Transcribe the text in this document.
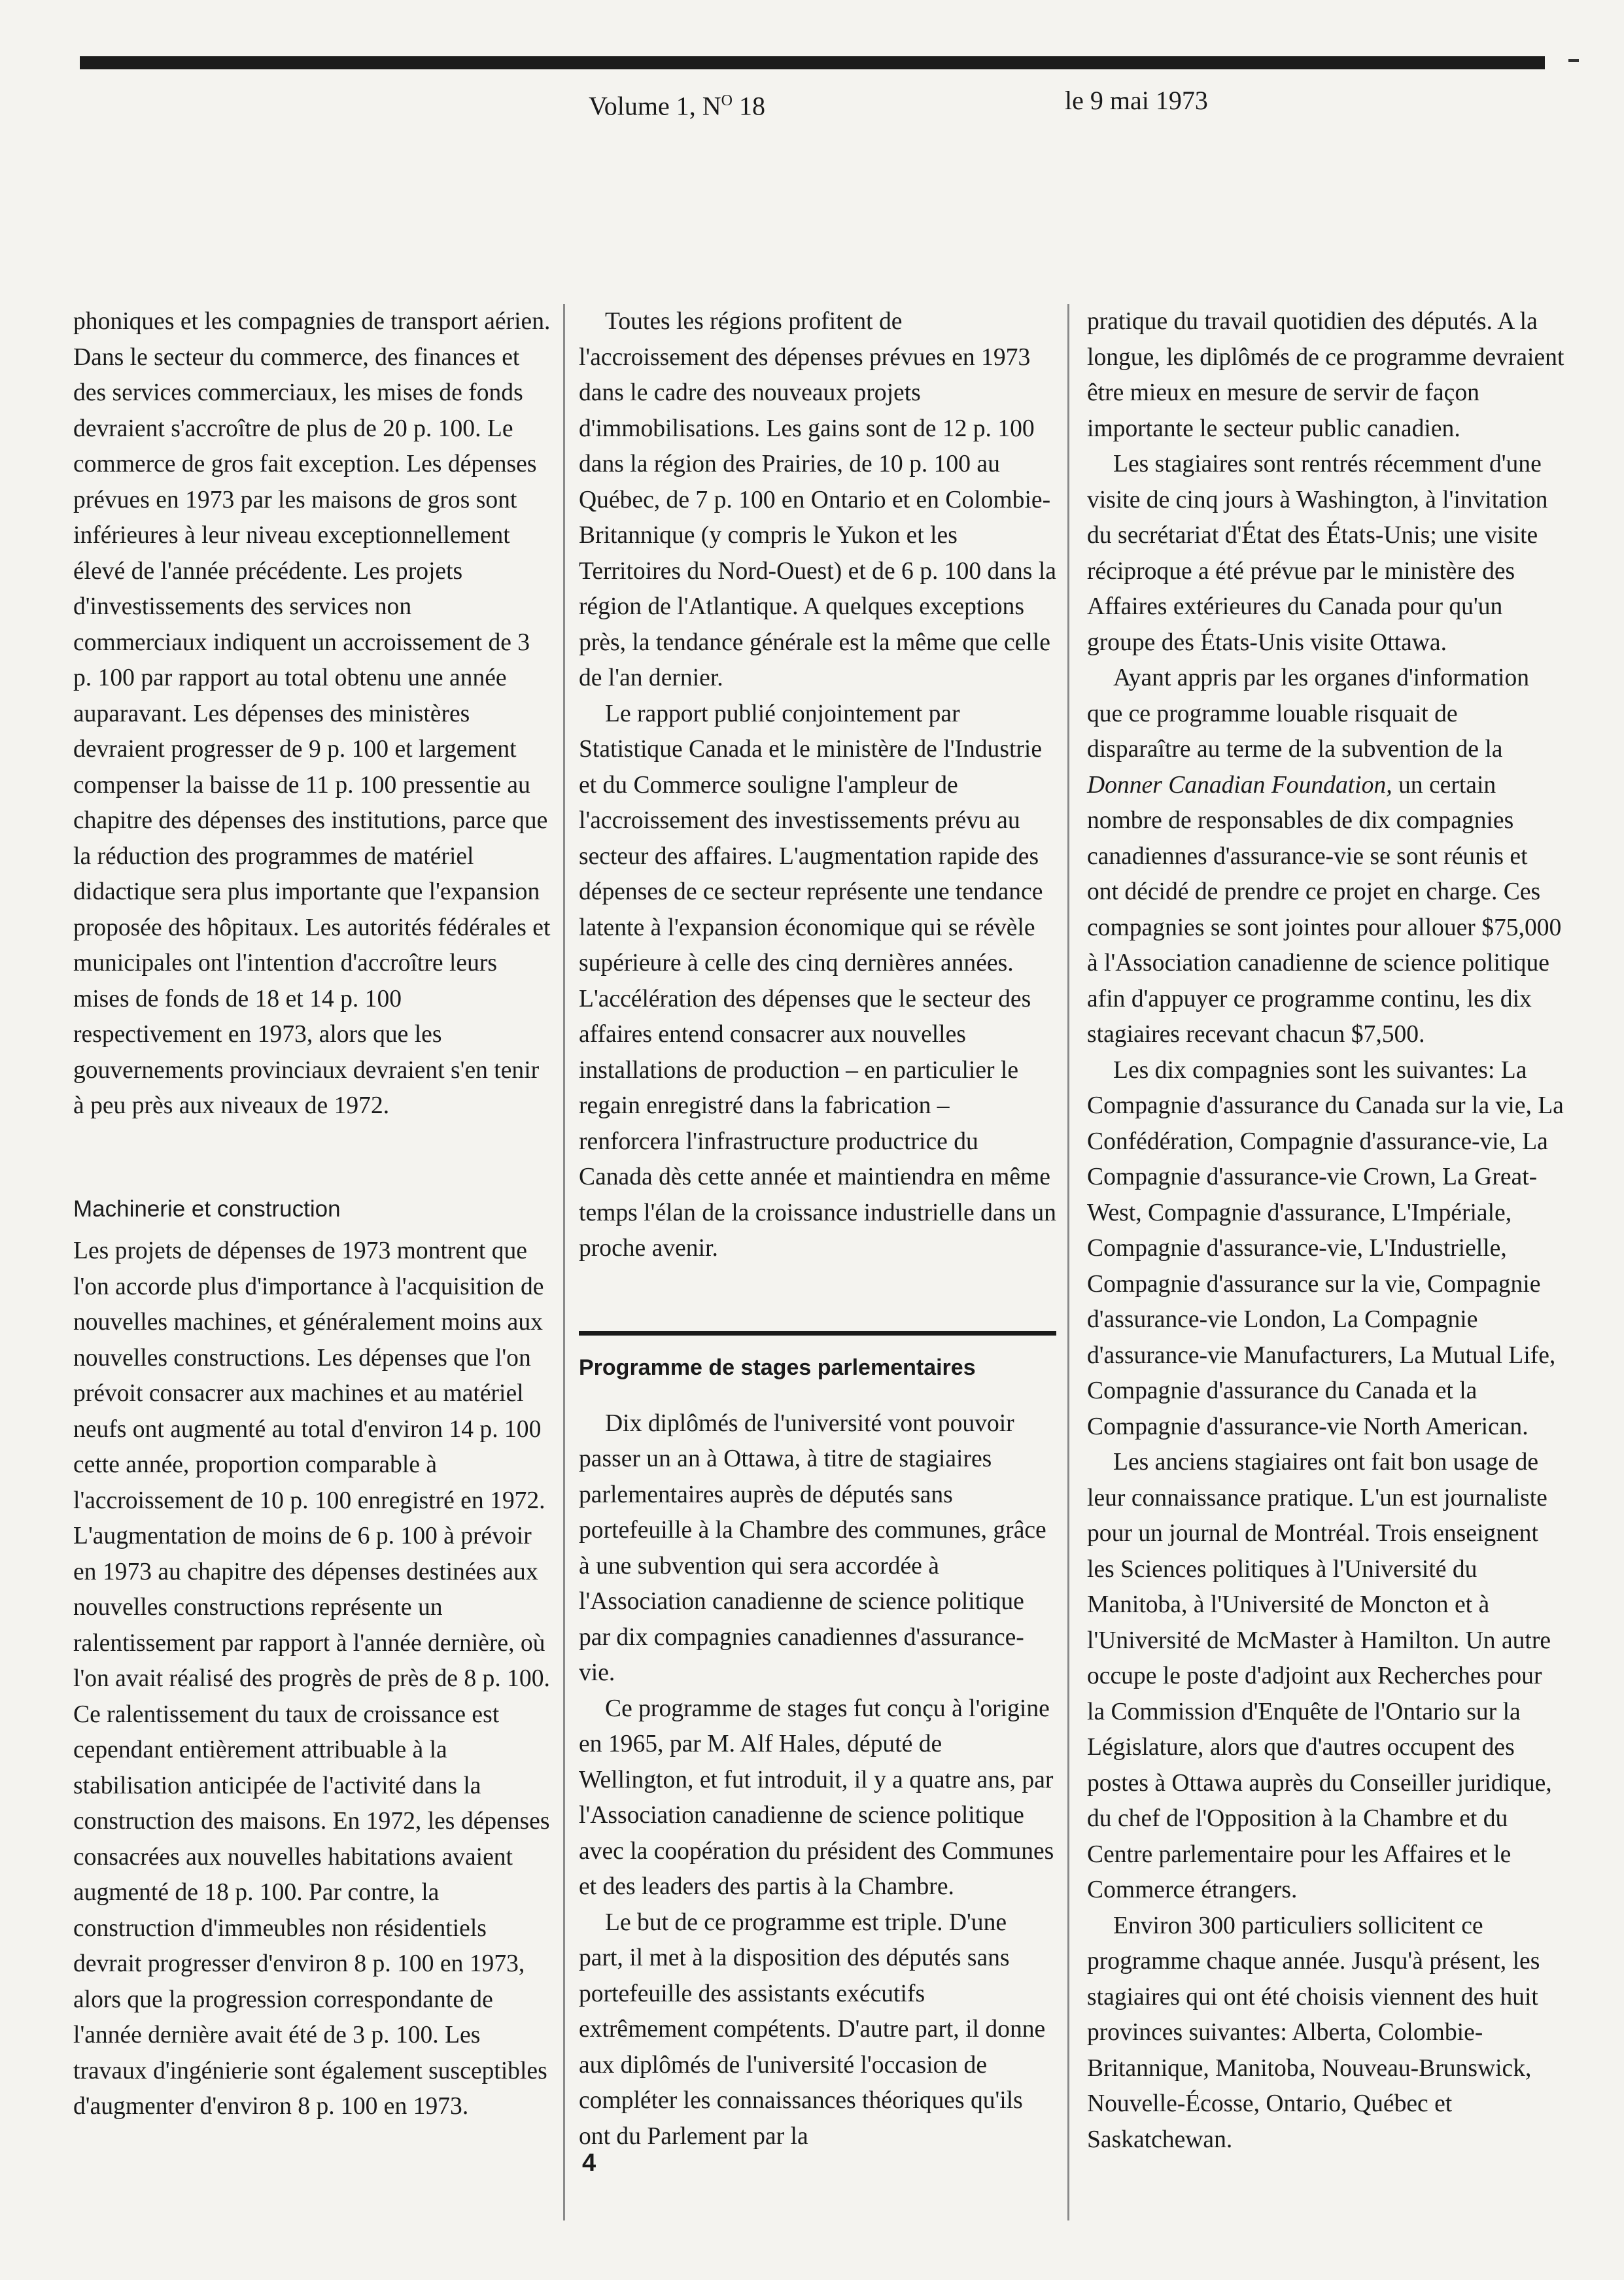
Volume 1, $N^O$ 18	le 9 mai 1973

phoniques et les compagnies de transport aérien. Dans le secteur du commerce, des finances et des services commerciaux, les mises de fonds devraient s'accroître de plus de 20 p. 100. Le commerce de gros fait exception. Les dépenses prévues en 1973 par les maisons de gros sont inférieures à leur niveau exceptionnellement élevé de l'année précédente. Les projets d'investissements des services non commerciaux indiquent un accroissement de 3 p. 100 par rapport au total obtenu une année auparavant. Les dépenses des ministères devraient progresser de 9 p. 100 et largement compenser la baisse de 11 p. 100 pressentie au chapitre des dépenses des institutions, parce que la réduction des programmes de matériel didactique sera plus importante que l'expansion proposée des hôpitaux. Les autorités fédérales et municipales ont l'intention d'accroître leurs mises de fonds de 18 et 14 p. 100 respectivement en 1973, alors que les gouvernements provinciaux devraient s'en tenir à peu près aux niveaux de 1972.

Machinerie et construction

Les projets de dépenses de 1973 montrent que l'on accorde plus d'importance à l'acquisition de nouvelles machines, et généralement moins aux nouvelles constructions. Les dépenses que l'on prévoit consacrer aux machines et au matériel neufs ont augmenté au total d'environ 14 p. 100 cette année, proportion comparable à l'accroissement de 10 p. 100 enregistré en 1972. L'augmentation de moins de 6 p. 100 à prévoir en 1973 au chapitre des dépenses destinées aux nouvelles constructions représente un ralentissement par rapport à l'année dernière, où l'on avait réalisé des progrès de près de 8 p. 100. Ce ralentissement du taux de croissance est cependant entièrement attribuable à la stabilisation anticipée de l'activité dans la construction des maisons. En 1972, les dépenses consacrées aux nouvelles habitations avaient augmenté de 18 p. 100. Par contre, la construction d'immeubles non résidentiels devrait progresser d'environ 8 p. 100 en 1973, alors que la progression correspondante de l'année dernière avait été de 3 p. 100. Les travaux d'ingénierie sont également susceptibles d'augmenter d'environ 8 p. 100 en 1973.

Toutes les régions profitent de l'accroissement des dépenses prévues en 1973 dans le cadre des nouveaux projets d'immobilisations. Les gains sont de 12 p. 100 dans la région des Prairies, de 10 p. 100 au Québec, de 7 p. 100 en Ontario et en Colombie-Britannique (y compris le Yukon et les Territoires du Nord-Ouest) et de 6 p. 100 dans la région de l'Atlantique. A quelques exceptions près, la tendance générale est la même que celle de l'an dernier.

Le rapport publié conjointement par Statistique Canada et le ministère de l'Industrie et du Commerce souligne l'ampleur de l'accroissement des investissements prévu au secteur des affaires. L'augmentation rapide des dépenses de ce secteur représente une tendance latente à l'expansion économique qui se révèle supérieure à celle des cinq dernières années. L'accélération des dépenses que le secteur des affaires entend consacrer aux nouvelles installations de production – en particulier le regain enregistré dans la fabrication – renforcera l'infrastructure productrice du Canada dès cette année et maintiendra en même temps l'élan de la croissance industrielle dans un proche avenir.

Programme de stages parlementaires

Dix diplômés de l'université vont pouvoir passer un an à Ottawa, à titre de stagiaires parlementaires auprès de députés sans portefeuille à la Chambre des communes, grâce à une subvention qui sera accordée à l'Association canadienne de science politique par dix compagnies canadiennes d'assurance-vie.

Ce programme de stages fut conçu à l'origine en 1965, par M. Alf Hales, député de Wellington, et fut introduit, il y a quatre ans, par l'Association canadienne de science politique avec la coopération du président des Communes et des leaders des partis à la Chambre.

Le but de ce programme est triple. D'une part, il met à la disposition des députés sans portefeuille des assistants exécutifs extrêmement compétents. D'autre part, il donne aux diplômés de l'université l'occasion de compléter les connaissances théoriques qu'ils ont du Parlement par la

pratique du travail quotidien des députés. A la longue, les diplômés de ce programme devraient être mieux en mesure de servir de façon importante le secteur public canadien.

Les stagiaires sont rentrés récemment d'une visite de cinq jours à Washington, à l'invitation du secrétariat d'État des États-Unis; une visite réciproque a été prévue par le ministère des Affaires extérieures du Canada pour qu'un groupe des États-Unis visite Ottawa.

Ayant appris par les organes d'information que ce programme louable risquait de disparaître au terme de la subvention de la Donner Canadian Foundation, un certain nombre de responsables de dix compagnies canadiennes d'assurance-vie se sont réunis et ont décidé de prendre ce projet en charge. Ces compagnies se sont jointes pour allouer $75,000 à l'Association canadienne de science politique afin d'appuyer ce programme continu, les dix stagiaires recevant chacun $7,500.

Les dix compagnies sont les suivantes: La Compagnie d'assurance du Canada sur la vie, La Confédération, Compagnie d'assurance-vie, La Compagnie d'assurance-vie Crown, La Great-West, Compagnie d'assurance, L'Impériale, Compagnie d'assurance-vie, L'Industrielle, Compagnie d'assurance sur la vie, Compagnie d'assurance-vie London, La Compagnie d'assurance-vie Manufacturers, La Mutual Life, Compagnie d'assurance du Canada et la Compagnie d'assurance-vie North American.

Les anciens stagiaires ont fait bon usage de leur connaissance pratique. L'un est journaliste pour un journal de Montréal. Trois enseignent les Sciences politiques à l'Université du Manitoba, à l'Université de Moncton et à l'Université de McMaster à Hamilton. Un autre occupe le poste d'adjoint aux Recherches pour la Commission d'Enquête de l'Ontario sur la Législature, alors que d'autres occupent des postes à Ottawa auprès du Conseiller juridique, du chef de l'Opposition à la Chambre et du Centre parlementaire pour les Affaires et le Commerce étrangers.

Environ 300 particuliers sollicitent ce programme chaque année. Jusqu'à présent, les stagiaires qui ont été choisis viennent des huit provinces suivantes: Alberta, Colombie-Britannique, Manitoba, Nouveau-Brunswick, Nouvelle-Écosse, Ontario, Québec et Saskatchewan.

4
